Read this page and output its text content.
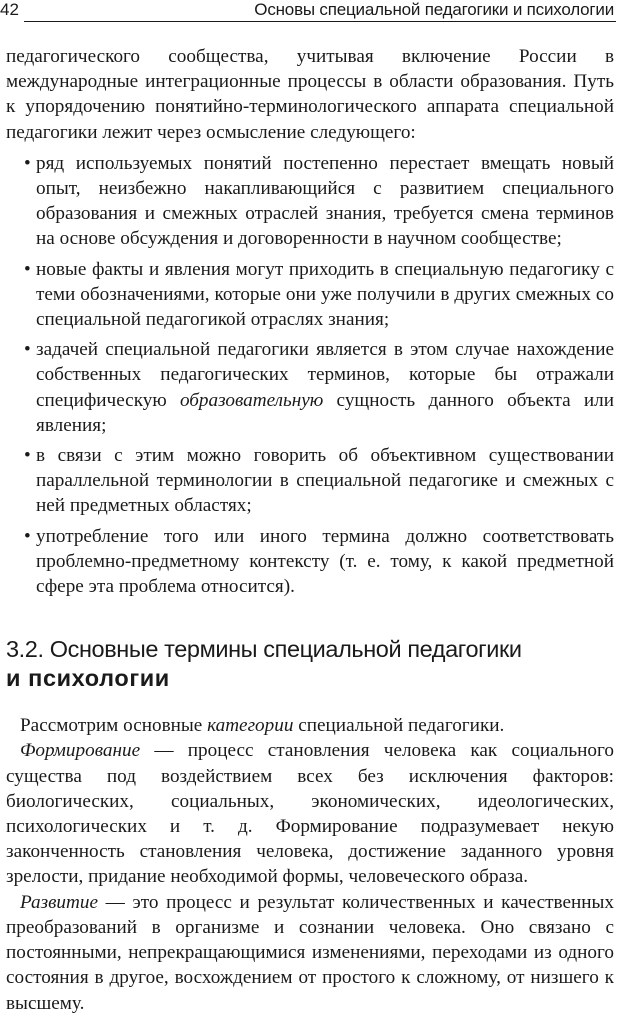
42	Основы специальной педагогики и психологии

педагогического сообщества, учитывая включение России в международные интеграционные процессы в области образования. Путь к упорядочению понятийно-терминологического аппарата специальной педагогики лежит через осмысление следующего:

• ряд используемых понятий постепенно перестает вмещать новый опыт, неизбежно накапливающийся с развитием специального образования и смежных отраслей знания, требуется смена терминов на основе обсуждения и договоренности в научном сообществе;
• новые факты и явления могут приходить в специальную педагогику с теми обозначениями, которые они уже получили в других смежных со специальной педагогикой отраслях знания;
• задачей специальной педагогики является в этом случае нахождение собственных педагогических терминов, которые бы отражали специфическую образовательную сущность данного объекта или явления;
• в связи с этим можно говорить об объективном существовании параллельной терминологии в специальной педагогике и смежных с ней предметных областях;
• употребление того или иного термина должно соответствовать проблемно-предметному контексту (т. е. тому, к какой предметной сфере эта проблема относится).
3.2. Основные термины специальной педагогики
и психологии

Рассмотрим основные категории специальной педагогики.

Формирование — процесс становления человека как социального существа под воздействием всех без исключения факторов: биологических, социальных, экономических, идеологических, психологических и т. д. Формирование подразумевает некую законченность становления человека, достижение заданного уровня зрелости, придание необходимой формы, человеческого образа.

Развитие — это процесс и результат количественных и качественных преобразований в организме и сознании человека. Оно связано с постоянными, непрекращающимися изменениями, переходами из одного состояния в другое, восхождением от простого к сложному, от низшего к высшему.
